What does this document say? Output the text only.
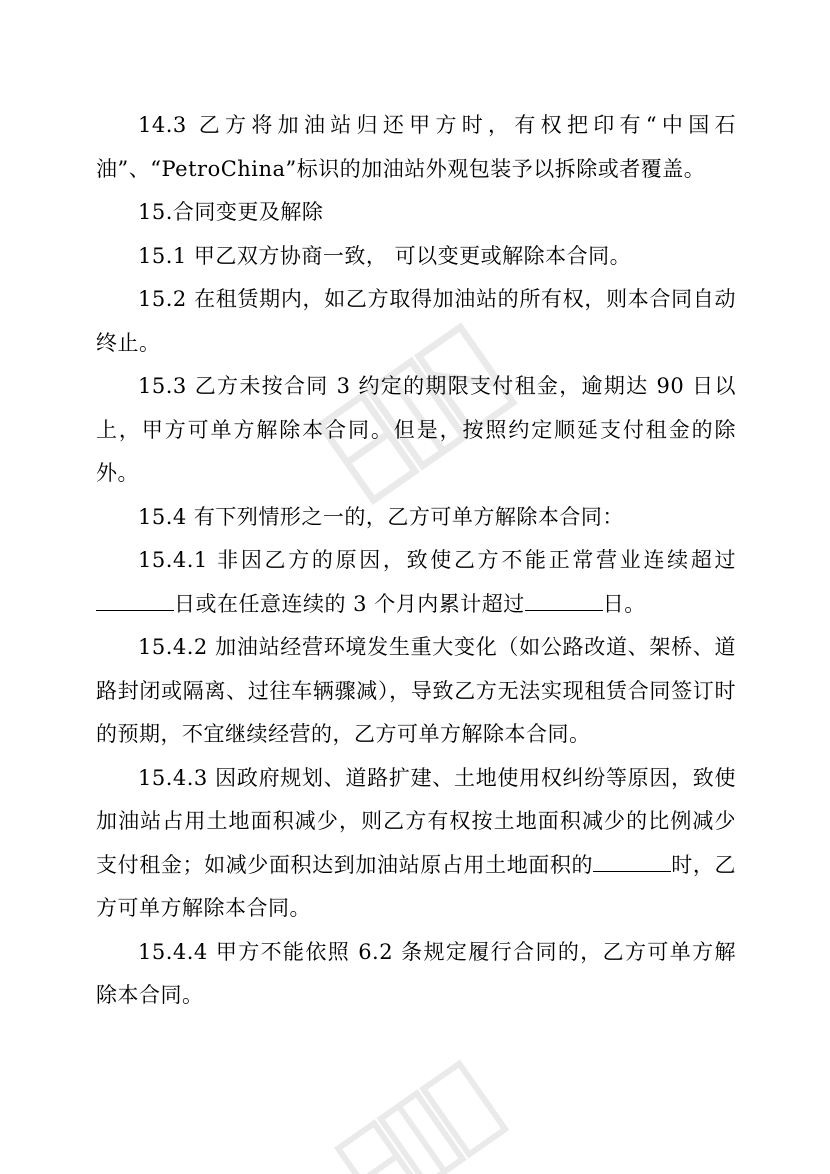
14.3 乙方将加油站归还甲方时，有权把印有“中国石油”、“PetroChina”标识的加油站外观包装予以拆除或者覆盖。

15.合同变更及解除

15.1 甲乙双方协商一致， 可以变更或解除本合同。

15.2 在租赁期内，如乙方取得加油站的所有权，则本合同自动终止。

15.3 乙方未按合同 3 约定的期限支付租金，逾期达 90 日以上，甲方可单方解除本合同。但是，按照约定顺延支付租金的除外。

15.4 有下列情形之一的，乙方可单方解除本合同：

15.4.1 非因乙方的原因，致使乙方不能正常营业连续超过日或在任意连续的 3 个月内累计超过	日。

15.4.2 加油站经营环境发生重大变化（如公路改道、架桥、道路封闭或隔离、过往车辆骤减），导致乙方无法实现租赁合同签订时的预期，不宜继续经营的，乙方可单方解除本合同。

15.4.3 因政府规划、道路扩建、土地使用权纠纷等原因，致使加油站占用土地面积减少，则乙方有权按土地面积减少的比例减少支付租金；如减少面积达到加油站原占用土地面积的	时，乙方可单方解除本合同。

15.4.4 甲方不能依照 6.2 条规定履行合同的，乙方可单方解除本合同。
